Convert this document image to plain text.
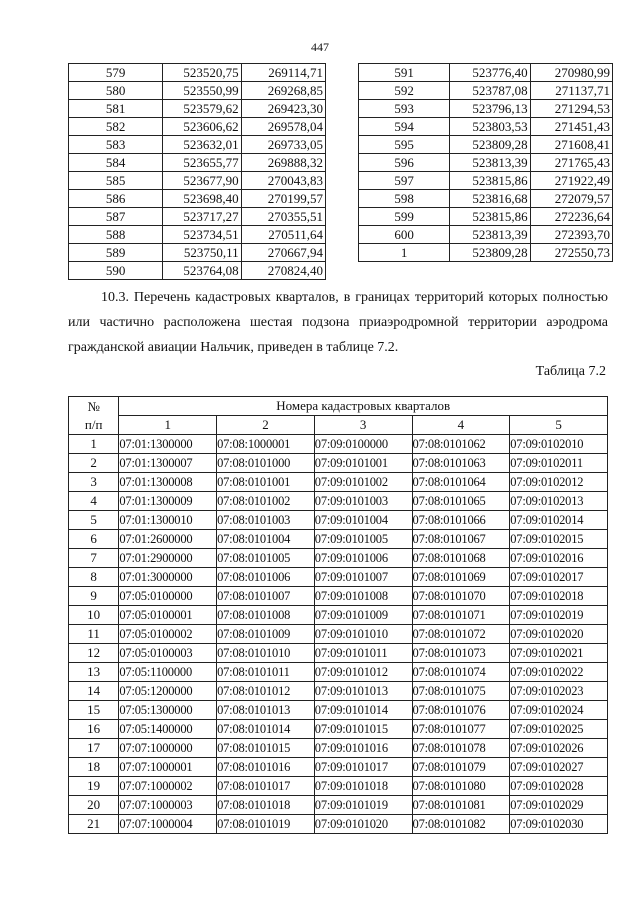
447
579	523520,75	269114,71
580	523550,99	269268,85
581	523579,62	269423,30
582	523606,62	269578,04
583	523632,01	269733,05
584	523655,77	269888,32
585	523677,90	270043,83
586	523698,40	270199,57
587	523717,27	270355,51
588	523734,51	270511,64
589	523750,11	270667,94
590	523764,08	270824,40
591	523776,40	270980,99
592	523787,08	271137,71
593	523796,13	271294,53
594	523803,53	271451,43
595	523809,28	271608,41
596	523813,39	271765,43
597	523815,86	271922,49
598	523816,68	272079,57
599	523815,86	272236,64
600	523813,39	272393,70
1	523809,28	272550,73
10.3. Перечень кадастровых кварталов, в границах территорий которых полностью или частично расположена шестая подзона приаэродромной территории аэродрома гражданской авиации Нальчик, приведен в таблице 7.2.
Таблица 7.2
№
п/п	Номера кадастровых кварталов				
	1	2	3	4	5
1	07:01:1300000	07:08:1000001	07:09:0100000	07:08:0101062	07:09:0102010
2	07:01:1300007	07:08:0101000	07:09:0101001	07:08:0101063	07:09:0102011
3	07:01:1300008	07:08:0101001	07:09:0101002	07:08:0101064	07:09:0102012
4	07:01:1300009	07:08:0101002	07:09:0101003	07:08:0101065	07:09:0102013
5	07:01:1300010	07:08:0101003	07:09:0101004	07:08:0101066	07:09:0102014
6	07:01:2600000	07:08:0101004	07:09:0101005	07:08:0101067	07:09:0102015
7	07:01:2900000	07:08:0101005	07:09:0101006	07:08:0101068	07:09:0102016
8	07:01:3000000	07:08:0101006	07:09:0101007	07:08:0101069	07:09:0102017
9	07:05:0100000	07:08:0101007	07:09:0101008	07:08:0101070	07:09:0102018
10	07:05:0100001	07:08:0101008	07:09:0101009	07:08:0101071	07:09:0102019
11	07:05:0100002	07:08:0101009	07:09:0101010	07:08:0101072	07:09:0102020
12	07:05:0100003	07:08:0101010	07:09:0101011	07:08:0101073	07:09:0102021
13	07:05:1100000	07:08:0101011	07:09:0101012	07:08:0101074	07:09:0102022
14	07:05:1200000	07:08:0101012	07:09:0101013	07:08:0101075	07:09:0102023
15	07:05:1300000	07:08:0101013	07:09:0101014	07:08:0101076	07:09:0102024
16	07:05:1400000	07:08:0101014	07:09:0101015	07:08:0101077	07:09:0102025
17	07:07:1000000	07:08:0101015	07:09:0101016	07:08:0101078	07:09:0102026
18	07:07:1000001	07:08:0101016	07:09:0101017	07:08:0101079	07:09:0102027
19	07:07:1000002	07:08:0101017	07:09:0101018	07:08:0101080	07:09:0102028
20	07:07:1000003	07:08:0101018	07:09:0101019	07:08:0101081	07:09:0102029
21	07:07:1000004	07:08:0101019	07:09:0101020	07:08:0101082	07:09:0102030
